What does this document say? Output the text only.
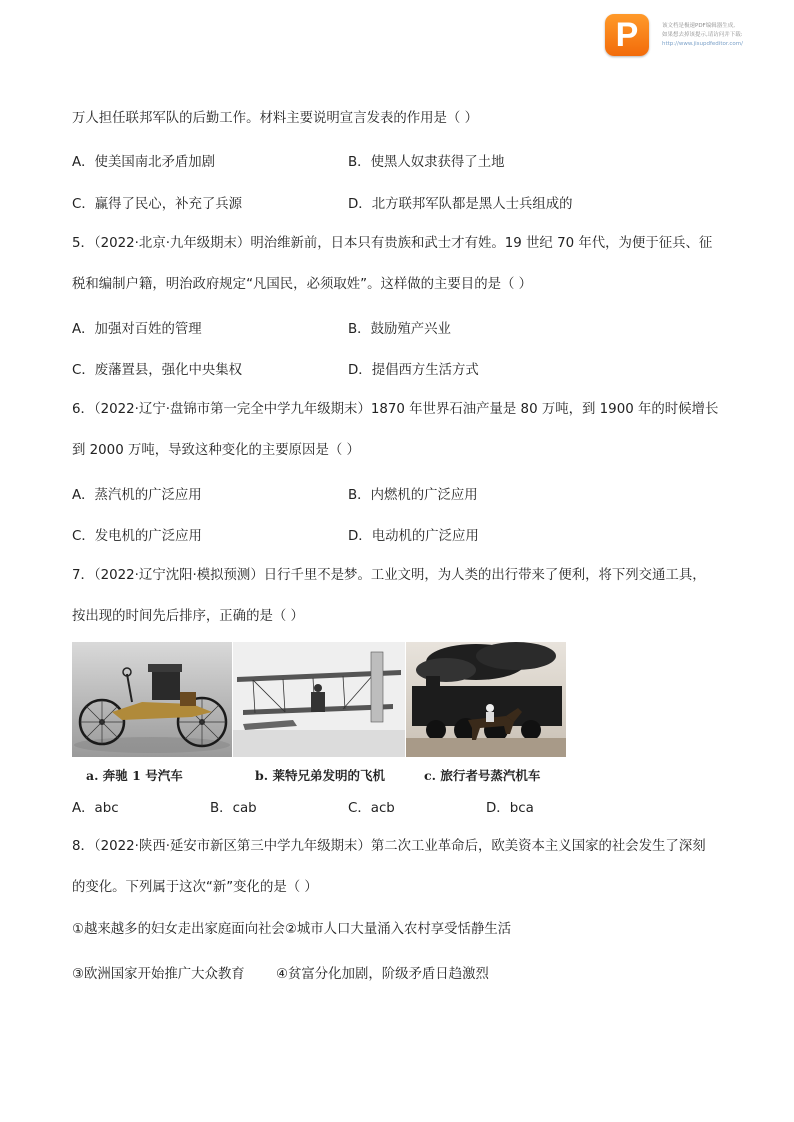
P	该文档是极速PDF编辑器生成,
如果想去掉该提示,请访问并下载:
http://www.jisupdfeditor.com/
万人担任联邦军队的后勤工作。材料主要说明宣言发表的作用是（ ）
A．使美国南北矛盾加剧	B．使黑人奴隶获得了土地
C．赢得了民心，补充了兵源	D．北方联邦军队都是黑人士兵组成的
5．（2022·北京·九年级期末）明治维新前，日本只有贵族和武士才有姓。19 世纪 70 年代，为便于征兵、征
税和编制户籍，明治政府规定“凡国民，必须取姓”。这样做的主要目的是（ ）
A．加强对百姓的管理	B．鼓励殖产兴业
C．废藩置县，强化中央集权	D．提倡西方生活方式
6．（2022·辽宁·盘锦市第一完全中学九年级期末）1870 年世界石油产量是 80 万吨，到 1900 年的时候增长
到 2000 万吨，导致这种变化的主要原因是（ ）
A．蒸汽机的广泛应用	B．内燃机的广泛应用
C．发电机的广泛应用	D．电动机的广泛应用
7．（2022·辽宁沈阳·模拟预测）日行千里不是梦。工业文明，为人类的出行带来了便利，将下列交通工具，
按出现的时间先后排序，正确的是（ ）
a. 奔驰 1 号汽车	b. 莱特兄弟发明的飞机	c. 旅行者号蒸汽机车
A．abc	B．cab	C．acb	D．bca
8．（2022·陕西·延安市新区第三中学九年级期末）第二次工业革命后，欧美资本主义国家的社会发生了深刻
的变化。下列属于这次“新”变化的是（ ）
①越来越多的妇女走出家庭面向社会②城市人口大量涌入农村享受恬静生活
③欧洲国家开始推广大众教育 ④贫富分化加剧，阶级矛盾日趋激烈
